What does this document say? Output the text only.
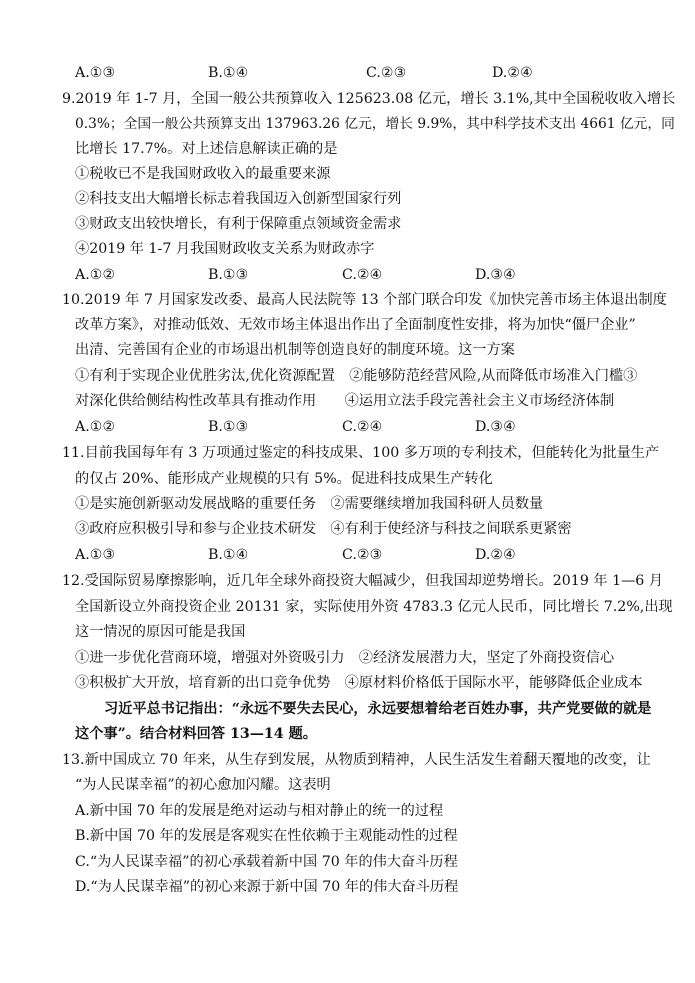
A.①③	B.①④	C.②③	D.②④
9.2019 年 1-7 月，全国一般公共预算收入 125623.08 亿元，增长 3.1%,其中全国税收收入增长
0.3%；全国一般公共预算支出 137963.26 亿元，增长 9.9%，其中科学技术支出 4661 亿元，同
比增长 17.7%。对上述信息解读正确的是
①税收已不是我国财政收入的最重要来源
②科技支出大幅增长标志着我国迈入创新型国家行列
③财政支出较快增长，有利于保障重点领域资金需求
④2019 年 1-7 月我国财政收支关系为财政赤字
A.①②	B.①③	C.②④	D.③④
10.2019 年 7 月国家发改委、最高人民法院等 13 个部门联合印发《加快完善市场主体退出制度
改革方案》，对推动低效、无效市场主体退出作出了全面制度性安排，将为加快“僵尸企业”
出清、完善国有企业的市场退出机制等创造良好的制度环境。这一方案
①有利于实现企业优胜劣汰,优化资源配置　②能够防范经营风险,从而降低市场准入门槛③
对深化供给侧结构性改革具有推动作用　　④运用立法手段完善社会主义市场经济体制
A.①②	B.①③	C.②④	D.③④
11.目前我国每年有 3 万项通过鉴定的科技成果、100 多万项的专利技术，但能转化为批量生产
的仅占 20%、能形成产业规模的只有 5%。促进科技成果生产转化
①是实施创新驱动发展战略的重要任务　②需要继续增加我国科研人员数量
③政府应积极引导和参与企业技术研发　④有利于使经济与科技之间联系更紧密
A.①③	B.①④	C.②③	D.②④
12.受国际贸易摩擦影响，近几年全球外商投资大幅减少，但我国却逆势增长。2019 年 1—6 月
全国新设立外商投资企业 20131 家，实际使用外资 4783.3 亿元人民币，同比增长 7.2%,出现
这一情况的原因可能是我国
①进一步优化营商环境，增强对外资吸引力　②经济发展潜力大，坚定了外商投资信心
③积极扩大开放，培育新的出口竞争优势　④原材料价格低于国际水平，能够降低企业成本
习近平总书记指出：“永远不要失去民心，永远要想着给老百姓办事，共产党要做的就是
这个事”。结合材料回答 13—14 题。
13.新中国成立 70 年来，从生存到发展，从物质到精神，人民生活发生着翻天覆地的改变，让
“为人民谋幸福”的初心愈加闪耀。这表明
A.新中国 70 年的发展是绝对运动与相对静止的统一的过程
B.新中国 70 年的发展是客观实在性依赖于主观能动性的过程
C.“为人民谋幸福”的初心承载着新中国 70 年的伟大奋斗历程
D.“为人民谋幸福”的初心来源于新中国 70 年的伟大奋斗历程
